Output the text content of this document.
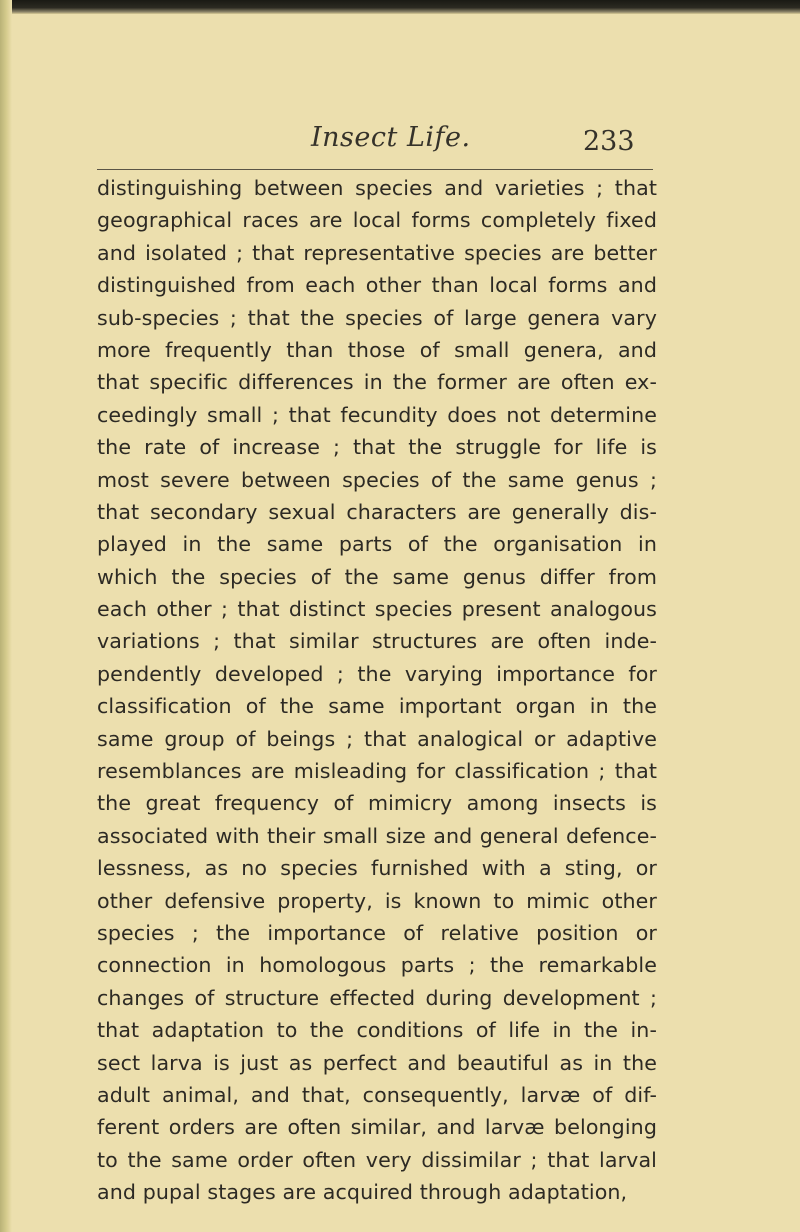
Insect Life.	233
distinguishing between species and varieties ; that
geographical races are local forms completely fixed
and isolated ; that representative species are better
distinguished from each other than local forms and
sub-species ; that the species of large genera vary
more frequently than those of small genera, and
that specific differences in the former are often ex-
ceedingly small ; that fecundity does not determine
the rate of increase ; that the struggle for life is
most severe between species of the same genus ;
that secondary sexual characters are generally dis-
played in the same parts of the organisation in
which the species of the same genus differ from
each other ; that distinct species present analogous
variations ; that similar structures are often inde-
pendently developed ; the varying importance for
classification of the same important organ in the
same group of beings ; that analogical or adaptive
resemblances are misleading for classification ; that
the great frequency of mimicry among insects is
associated with their small size and general defence-
lessness, as no species furnished with a sting, or
other defensive property, is known to mimic other
species ; the importance of relative position or
connection in homologous parts ; the remarkable
changes of structure effected during development ;
that adaptation to the conditions of life in the in-
sect larva is just as perfect and beautiful as in the
adult animal, and that, consequently, larvæ of dif-
ferent orders are often similar, and larvæ belonging
to the same order often very dissimilar ; that larval
and pupal stages are acquired through adaptation,
